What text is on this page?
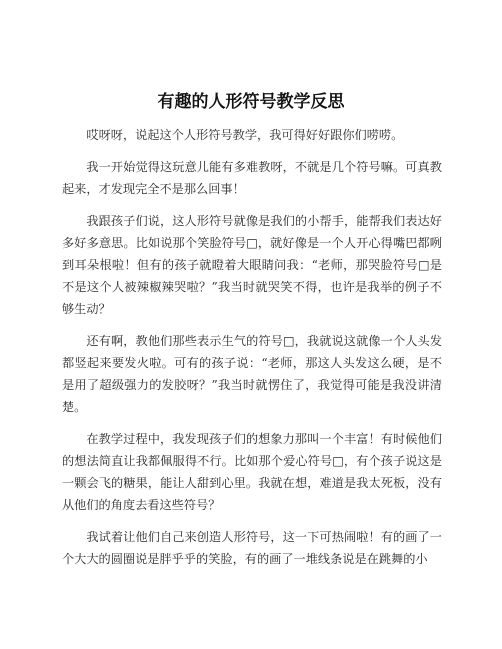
有趣的人形符号教学反思

哎呀呀，说起这个人形符号教学，我可得好好跟你们唠唠。

我一开始觉得这玩意儿能有多难教呀，不就是几个符号嘛。可真教起来，才发现完全不是那么回事！

我跟孩子们说，这人形符号就像是我们的小帮手，能帮我们表达好多好多意思。比如说那个笑脸符号□，就好像是一个人开心得嘴巴都咧到耳朵根啦！但有的孩子就瞪着大眼睛问我：“老师，那哭脸符号□是不是这个人被辣椒辣哭啦？”我当时就哭笑不得，也许是我举的例子不够生动？

还有啊，教他们那些表示生气的符号□，我就说这就像一个人头发都竖起来要发火啦。可有的孩子说：“老师，那这人头发这么硬，是不是用了超级强力的发胶呀？”我当时就愣住了，我觉得可能是我没讲清楚。

在教学过程中，我发现孩子们的想象力那叫一个丰富！有时候他们的想法简直让我都佩服得不行。比如那个爱心符号□，有个孩子说这是一颗会飞的糖果，能让人甜到心里。我就在想，难道是我太死板，没有从他们的角度去看这些符号？

我试着让他们自己来创造人形符号，这一下可热闹啦！有的画了一个大大的圆圈说是胖乎乎的笑脸，有的画了一堆线条说是在跳舞的小
